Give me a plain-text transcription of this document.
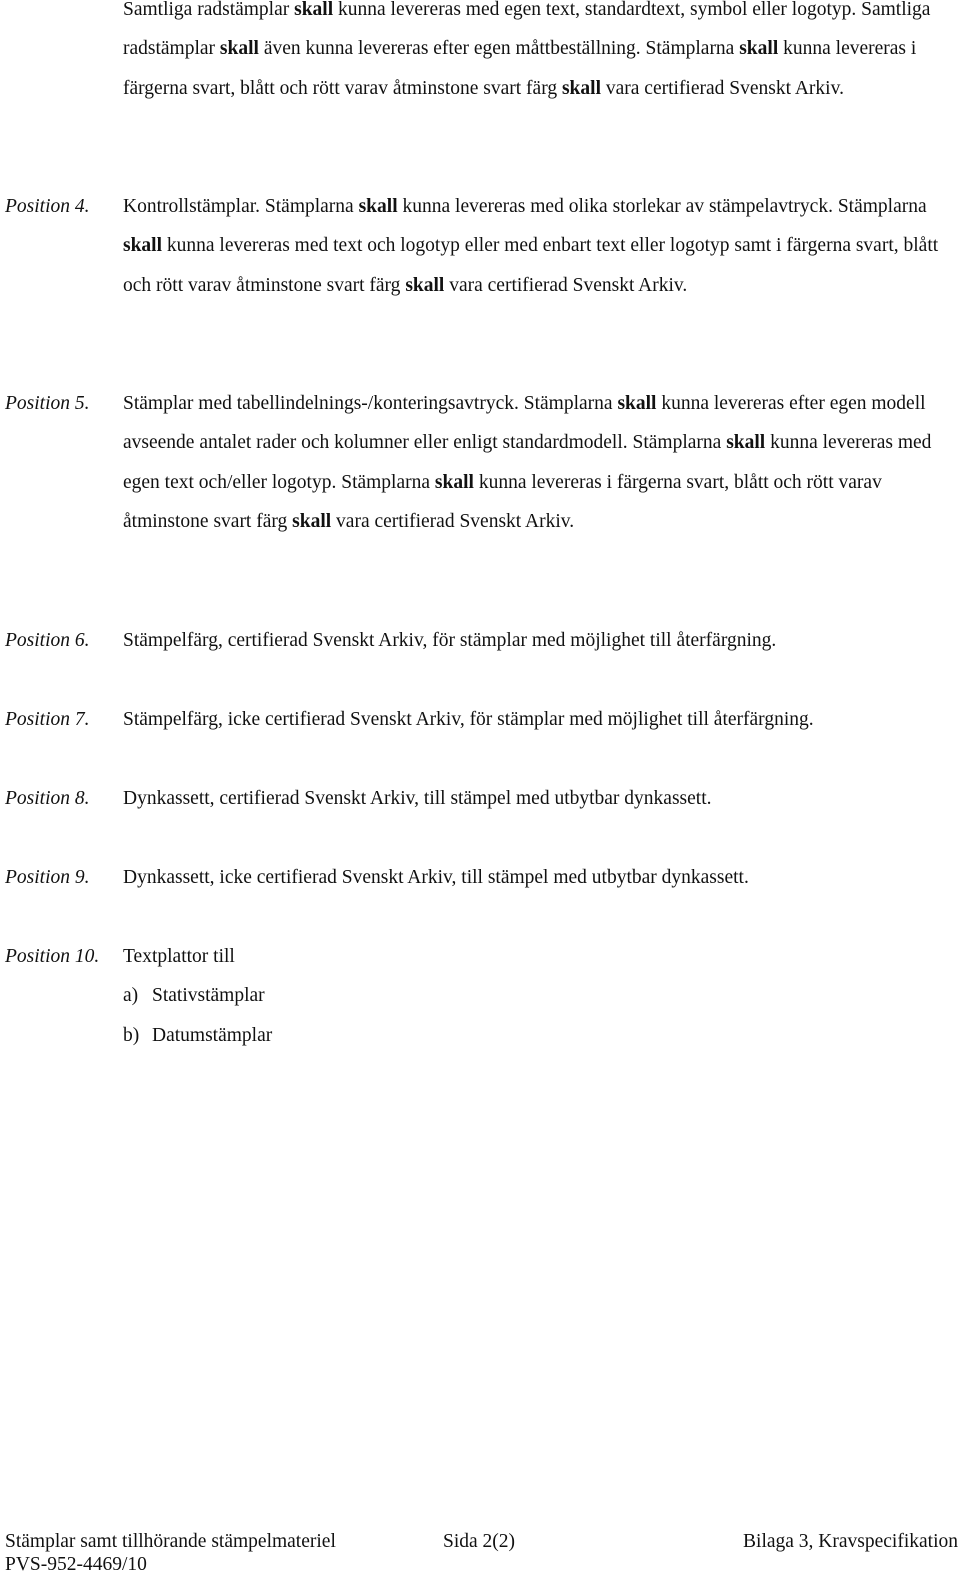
Samtliga radstämplar skall kunna levereras med egen text, standardtext, symbol eller logotyp. Samtliga radstämplar skall även kunna levereras efter egen måttbeställning. Stämplarna skall kunna levereras i färgerna svart, blått och rött varav åtminstone svart färg skall vara certifierad Svenskt Arkiv.
Position 4. Kontrollstämplar. Stämplarna skall kunna levereras med olika storlekar av stämpelavtryck. Stämplarna skall kunna levereras med text och logotyp eller med enbart text eller logotyp samt i färgerna svart, blått och rött varav åtminstone svart färg skall vara certifierad Svenskt Arkiv.
Position 5. Stämplar med tabellindelnings-/konteringsavtryck. Stämplarna skall kunna levereras efter egen modell avseende antalet rader och kolumner eller enligt standardmodell. Stämplarna skall kunna levereras med egen text och/eller logotyp. Stämplarna skall kunna levereras i färgerna svart, blått och rött varav åtminstone svart färg skall vara certifierad Svenskt Arkiv.
Position 6. Stämpelfärg, certifierad Svenskt Arkiv, för stämplar med möjlighet till återfärgning.
Position 7. Stämpelfärg, icke certifierad Svenskt Arkiv, för stämplar med möjlighet till återfärgning.
Position 8. Dynkassett, certifierad Svenskt Arkiv, till stämpel med utbytbar dynkassett.
Position 9. Dynkassett, icke certifierad Svenskt Arkiv, till stämpel med utbytbar dynkassett.
Position 10. Textplattor till
a) Stativstämplar
b) Datumstämplar
Stämplar samt tillhörande stämpelmateriel	Sida 2(2)	Bilaga 3, Kravspecifikation
PVS-952-4469/10
